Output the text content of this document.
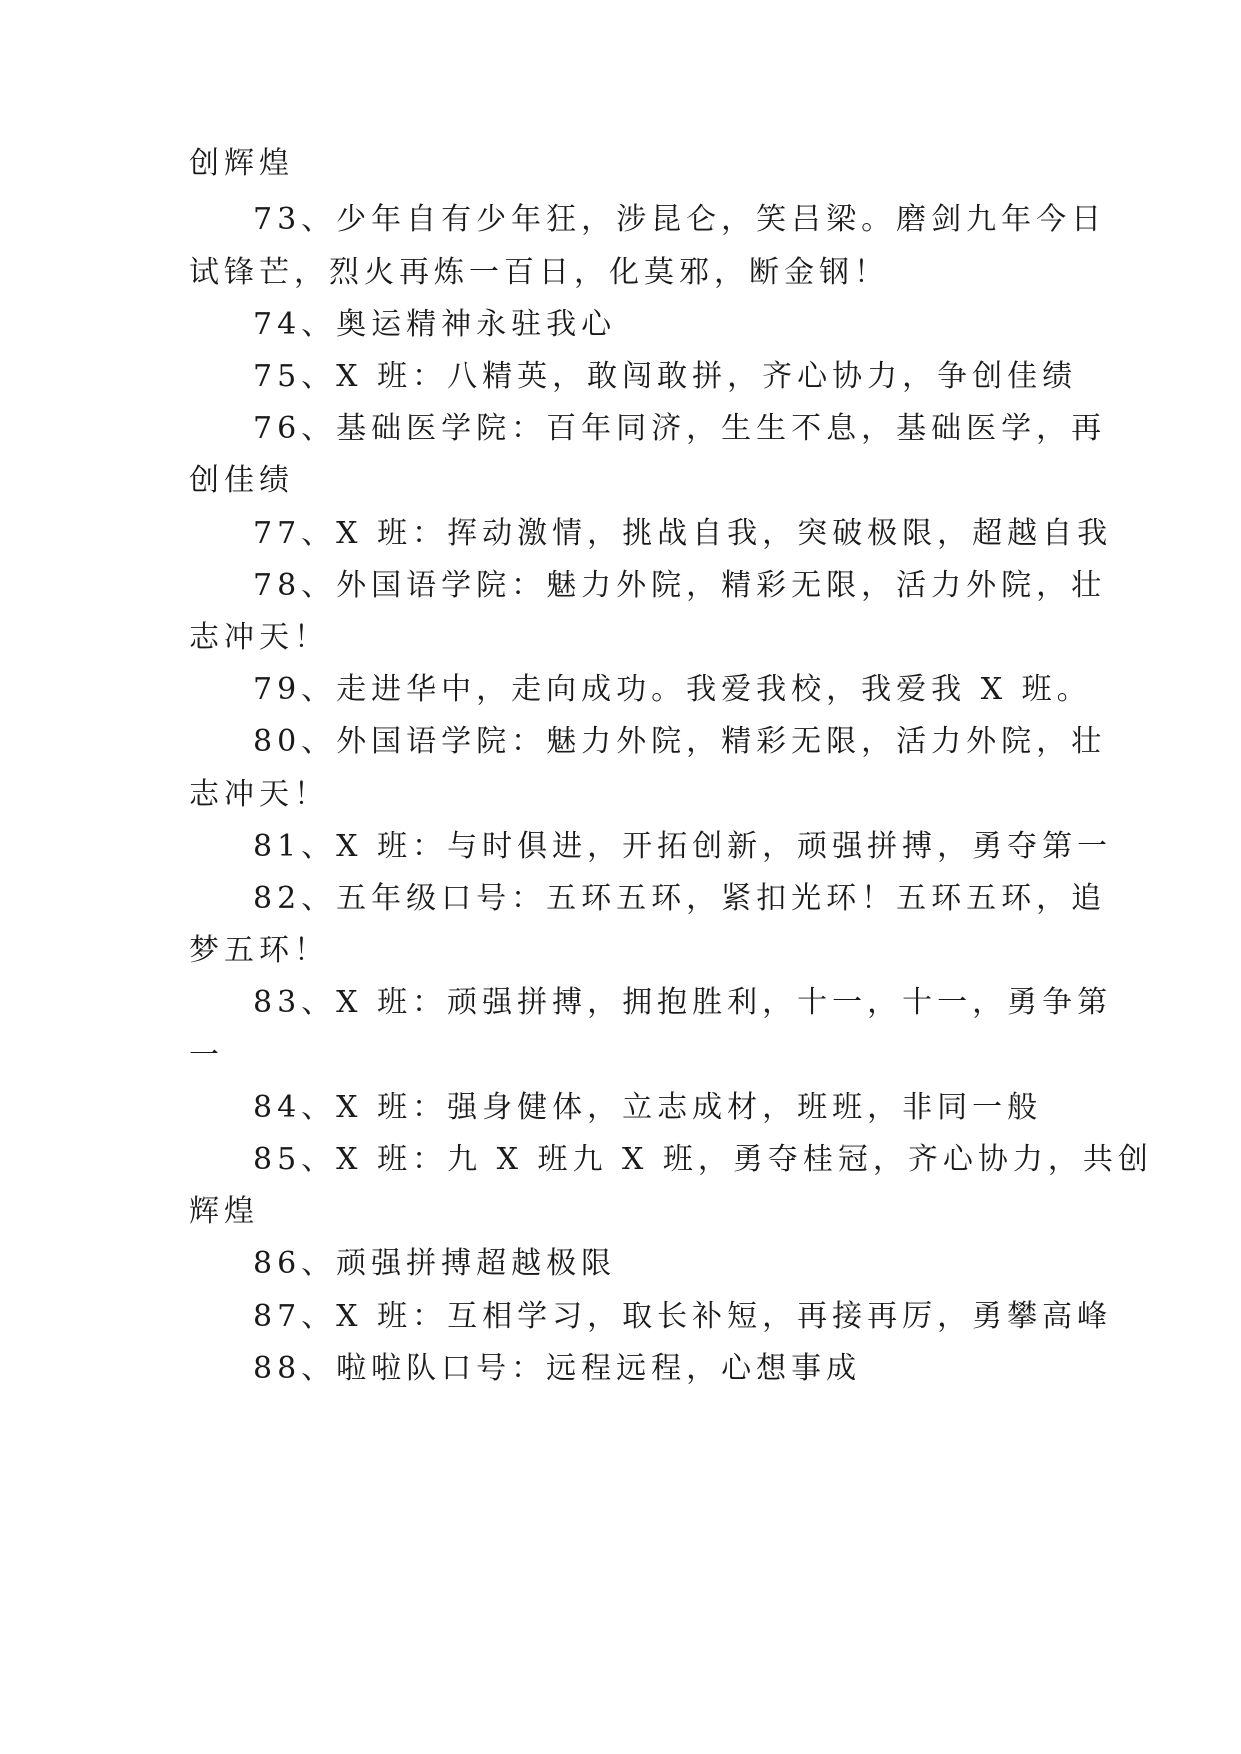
创辉煌
73、少年自有少年狂，涉昆仑，笑吕梁。磨剑九年今日
试锋芒，烈火再炼一百日，化莫邪，断金钢！
74、奥运精神永驻我心
75、X 班：八精英，敢闯敢拼，齐心协力，争创佳绩
76、基础医学院：百年同济，生生不息，基础医学，再
创佳绩
77、X 班：挥动激情，挑战自我，突破极限，超越自我
78、外国语学院：魅力外院，精彩无限，活力外院，壮
志冲天！
79、走进华中，走向成功。我爱我校，我爱我 X 班。
80、外国语学院：魅力外院，精彩无限，活力外院，壮
志冲天！
81、X 班：与时俱进，开拓创新，顽强拼搏，勇夺第一
82、五年级口号：五环五环，紧扣光环！五环五环，追
梦五环！
83、X 班：顽强拼搏，拥抱胜利，十一，十一，勇争第
一
84、X 班：强身健体，立志成材，班班，非同一般
85、X 班：九 X 班九 X 班，勇夺桂冠，齐心协力，共创
辉煌
86、顽强拼搏超越极限
87、X 班：互相学习，取长补短，再接再厉，勇攀高峰
88、啦啦队口号：远程远程，心想事成
